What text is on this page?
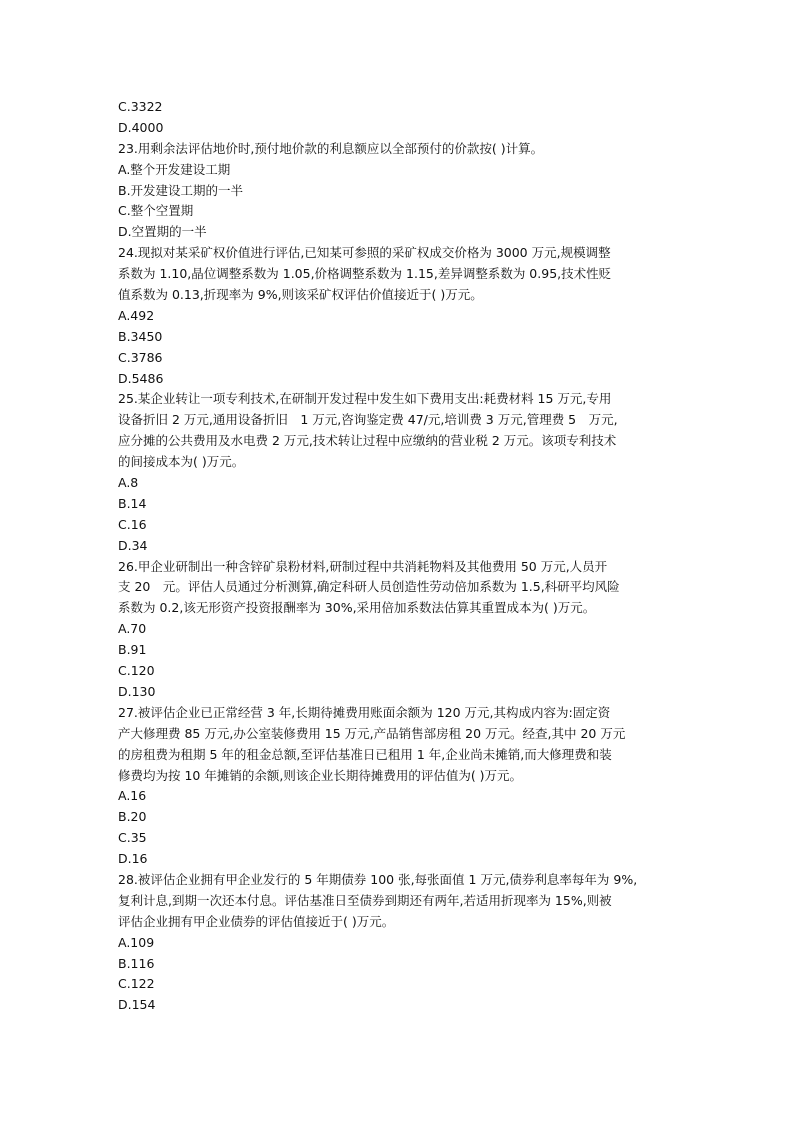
C.3322
D.4000
23.用剩余法评估地价时,预付地价款的利息额应以全部预付的价款按( )计算。
A.整个开发建设工期
B.开发建设工期的一半
C.整个空置期
D.空置期的一半
24.现拟对某采矿权价值进行评估,已知某可参照的采矿权成交价格为 3000 万元,规模调整
系数为 1.10,晶位调整系数为 1.05,价格调整系数为 1.15,差异调整系数为 0.95,技术性贬
值系数为 0.13,折现率为 9%,则该采矿权评估价值接近于( )万元。
A.492
B.3450
C.3786
D.5486
25.某企业转让一项专利技术,在研制开发过程中发生如下费用支出:耗费材料 15 万元,专用
设备折旧 2 万元,通用设备折旧　1 万元,咨询鉴定费 47/元,培训费 3 万元,管理费 5　万元,
应分摊的公共费用及水电费 2 万元,技术转让过程中应缴纳的营业税 2 万元。该项专利技术
的间接成本为( )万元。
A.8
B.14
C.16
D.34
26.甲企业研制出一种含锌矿泉粉材料,研制过程中共消耗物料及其他费用 50 万元,人员开
支 20　元。评估人员通过分析测算,确定科研人员创造性劳动倍加系数为 1.5,科研平均风险
系数为 0.2,该无形资产投资报酬率为 30%,采用倍加系数法估算其重置成本为( )万元。
A.70
B.91
C.120
D.130
27.被评估企业已正常经营 3 年,长期待摊费用账面余额为 120 万元,其构成内容为:固定资
产大修理费 85 万元,办公室装修费用 15 万元,产品销售部房租 20 万元。经查,其中 20 万元
的房租费为租期 5 年的租金总额,至评估基准日已租用 1 年,企业尚未摊销,而大修理费和装
修费均为按 10 年摊销的余额,则该企业长期待摊费用的评估值为( )万元。
A.16
B.20
C.35
D.16
28.被评估企业拥有甲企业发行的 5 年期债券 100 张,每张面值 1 万元,债券利息率每年为 9%,
复利计息,到期一次还本付息。评估基准日至债券到期还有两年,若适用折现率为 15%,则被
评估企业拥有甲企业债券的评估值接近于( )万元。
A.109
B.116
C.122
D.154
